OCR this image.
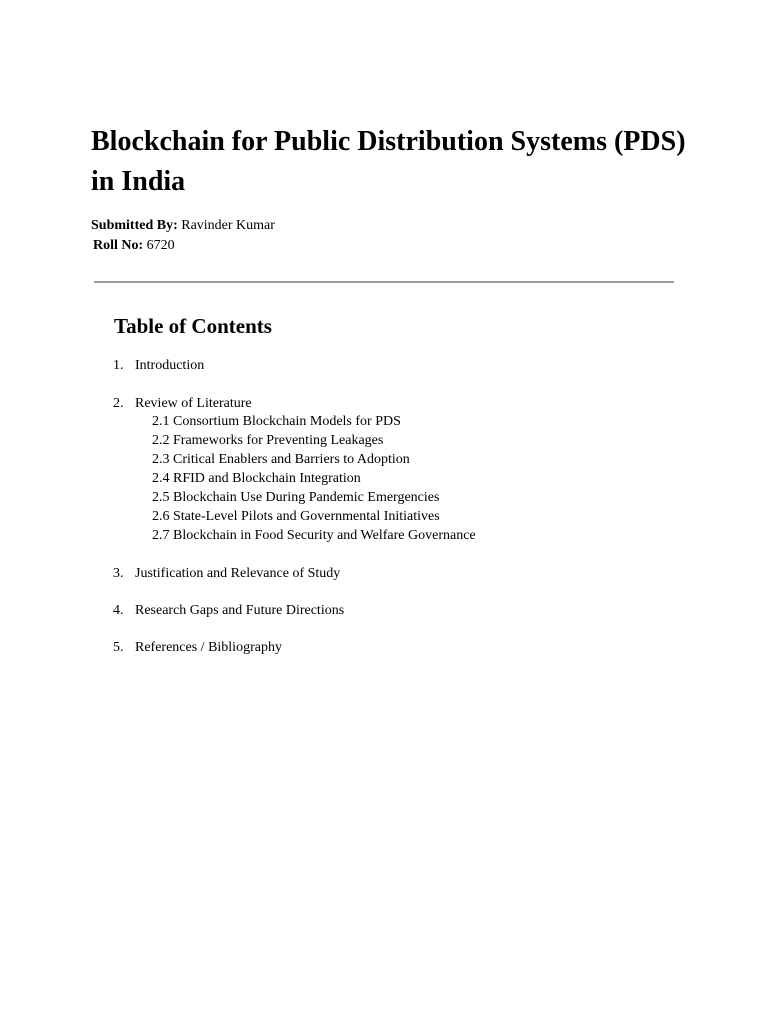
Blockchain for Public Distribution Systems (PDS) in India
Submitted By: Ravinder Kumar
Roll No: 6720
Table of Contents
1. Introduction
2. Review of Literature
2.1 Consortium Blockchain Models for PDS
2.2 Frameworks for Preventing Leakages
2.3 Critical Enablers and Barriers to Adoption
2.4 RFID and Blockchain Integration
2.5 Blockchain Use During Pandemic Emergencies
2.6 State-Level Pilots and Governmental Initiatives
2.7 Blockchain in Food Security and Welfare Governance
3. Justification and Relevance of Study
4. Research Gaps and Future Directions
5. References / Bibliography
